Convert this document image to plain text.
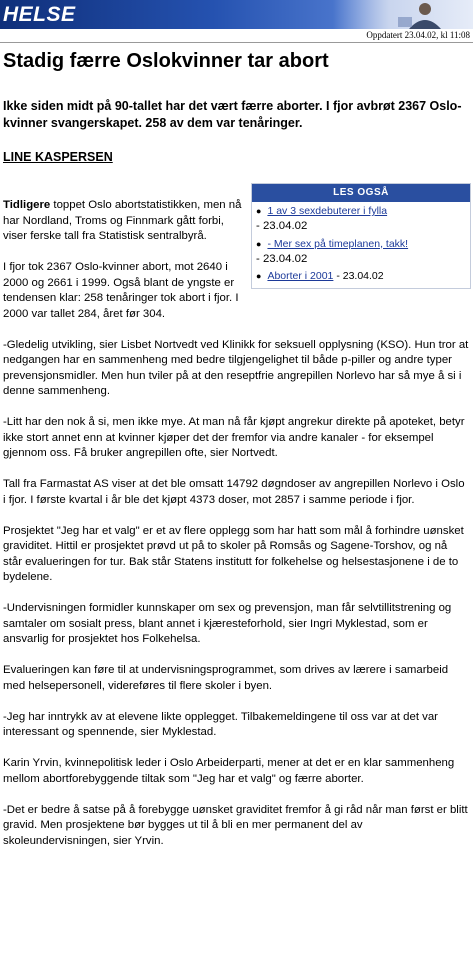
HELSE
Oppdatert 23.04.02, kl 11:08
Stadig færre Oslokvinner tar abort

Ikke siden midt på 90-tallet har det vært færre aborter. I fjor avbrøt 2367 Oslo-kvinner svangerskapet. 258 av dem var tenåringer.

LINE KASPERSEN

LES OGSÅ
● 1 av 3 sexdebuterer i fylla
- 23.04.02
● - Mer sex på timeplanen, takk!
- 23.04.02
● Aborter i 2001 - 23.04.02

Tidligere toppet Oslo abortstatistikken, men nå har Nordland, Troms og Finnmark gått forbi, viser ferske tall fra Statistisk sentralbyrå.

I fjor tok 2367 Oslo-kvinner abort, mot 2640 i 2000 og 2661 i 1999. Også blant de yngste er tendensen klar: 258 tenåringer tok abort i fjor. I 2000 var tallet 284, året før 304.

-Gledelig utvikling, sier Lisbet Nortvedt ved Klinikk for seksuell opplysning (KSO). Hun tror at nedgangen har en sammenheng med bedre tilgjengelighet til både p-piller og andre typer prevensjonsmidler. Men hun tviler på at den reseptfrie angrepillen Norlevo har så mye å si i denne sammenheng.

-Litt har den nok å si, men ikke mye. At man nå får kjøpt angrekur direkte på apoteket, betyr ikke stort annet enn at kvinner kjøper det der fremfor via andre kanaler - for eksempel gjennom oss. Få bruker angrepillen ofte, sier Nortvedt.

Tall fra Farmastat AS viser at det ble omsatt 14792 døgndoser av angrepillen Norlevo i Oslo i fjor. I første kvartal i år ble det kjøpt 4373 doser, mot 2857 i samme periode i fjor.

Prosjektet "Jeg har et valg" er et av flere opplegg som har hatt som mål å forhindre uønsket graviditet. Hittil er prosjektet prøvd ut på to skoler på Romsås og Sagene-Torshov, og nå står evalueringen for tur. Bak står Statens institutt for folkehelse og helsestasjonene i de to bydelene.

-Undervisningen formidler kunnskaper om sex og prevensjon, man får selvtillitstrening og samtaler om sosialt press, blant annet i kjæresteforhold, sier Ingri Myklestad, som er ansvarlig for prosjektet hos Folkehelsa.

Evalueringen kan føre til at undervisningsprogrammet, som drives av lærere i samarbeid med helsepersonell, videreføres til flere skoler i byen.

-Jeg har inntrykk av at elevene likte opplegget. Tilbakemeldingene til oss var at det var interessant og spennende, sier Myklestad.

Karin Yrvin, kvinnepolitisk leder i Oslo Arbeiderparti, mener at det er en klar sammenheng mellom abortforebyggende tiltak som "Jeg har et valg" og færre aborter.

-Det er bedre å satse på å forebygge uønsket graviditet fremfor å gi råd når man først er blitt gravid. Men prosjektene bør bygges ut til å bli en mer permanent del av skoleundervisningen, sier Yrvin.
